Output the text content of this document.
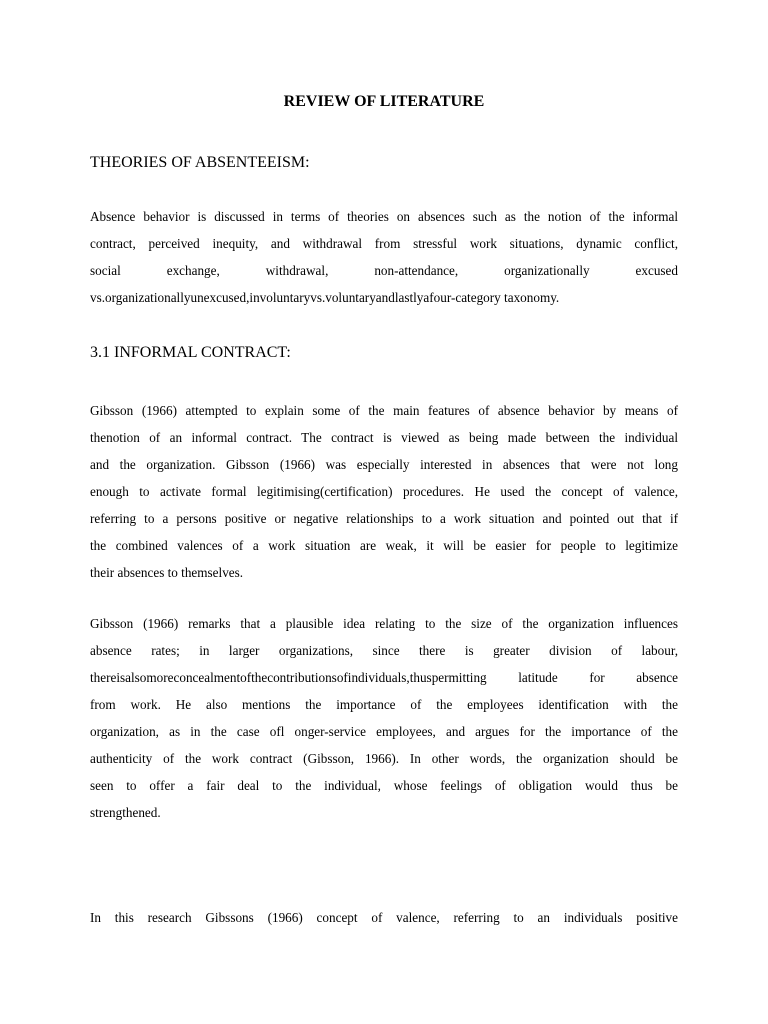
REVIEW OF LITERATURE
THEORIES OF ABSENTEEISM:

Absence behavior is discussed in terms of theories on absences such as the notion of the informal
contract, perceived inequity, and withdrawal from stressful work situations, dynamic conflict,
social exchange, withdrawal, non-attendance, organizationally excused
vs.organizationallyunexcused,involuntaryvs.voluntaryandlastlyafour-category taxonomy.

3.1 INFORMAL CONTRACT:

Gibsson (1966) attempted to explain some of the main features of absence behavior by means of
thenotion of an informal contract. The contract is viewed as being made between the individual
and the organization. Gibsson (1966) was especially interested in absences that were not long
enough to activate formal legitimising(certification) procedures. He used the concept of valence,
referring to a persons positive or negative relationships to a work situation and pointed out that if
the combined valences of a work situation are weak, it will be easier for people to legitimize
their absences to themselves.

Gibsson (1966) remarks that a plausible idea relating to the size of the organization influences
absence rates; in larger organizations, since there is greater division of labour,
thereisalsomoreconcealmentofthecontributionsofindividuals,thuspermitting latitude for absence
from work. He also mentions the importance of the employees identification with the
organization, as in the case ofl onger-service employees, and argues for the importance of the
authenticity of the work contract (Gibsson, 1966). In other words, the organization should be
seen to offer a fair deal to the individual, whose feelings of obligation would thus be
strengthened.

In this research Gibssons (1966) concept of valence, referring to an individuals positive
